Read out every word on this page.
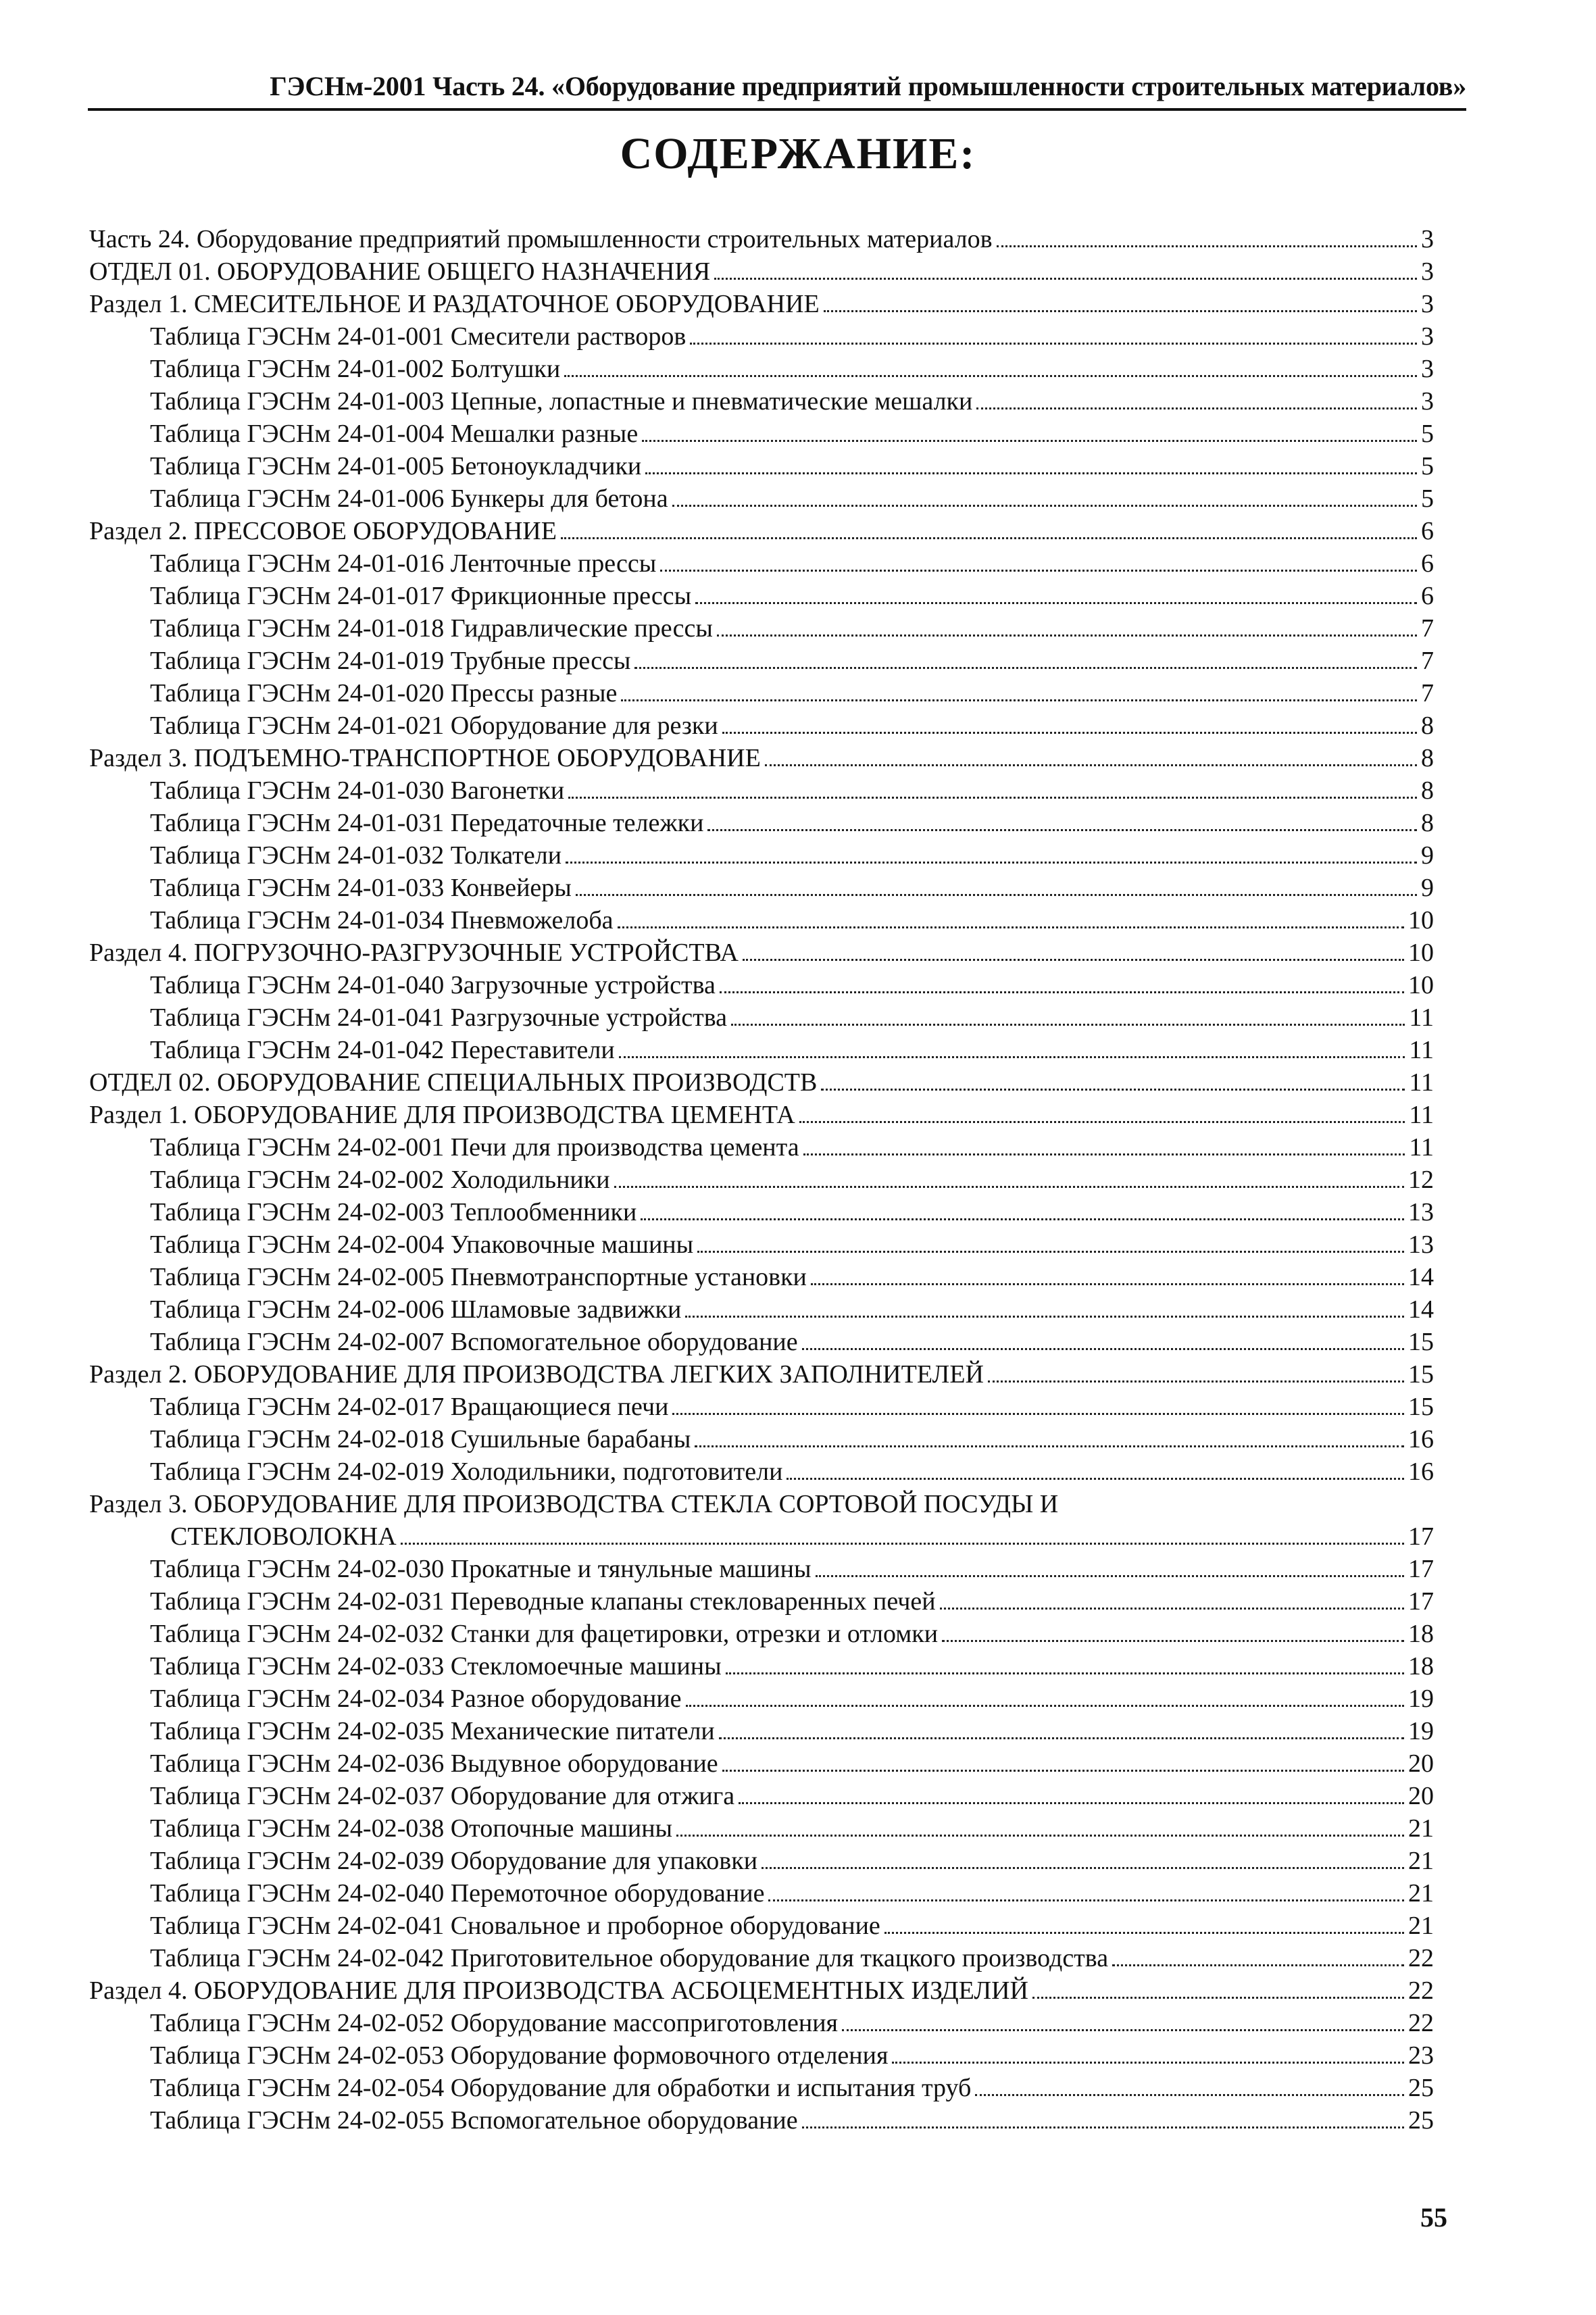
ГЭСНм-2001 Часть 24. «Оборудование предприятий промышленности строительных материалов»
СОДЕРЖАНИЕ:
Часть 24. Оборудование предприятий промышленности строительных материалов	3
ОТДЕЛ 01. ОБОРУДОВАНИЕ ОБЩЕГО НАЗНАЧЕНИЯ	3
Раздел 1. СМЕСИТЕЛЬНОЕ И РАЗДАТОЧНОЕ ОБОРУДОВАНИЕ	3
Таблица ГЭСНм 24-01-001 Смесители растворов	3
Таблица ГЭСНм 24-01-002 Болтушки	3
Таблица ГЭСНм 24-01-003 Цепные, лопастные и пневматические мешалки	3
Таблица ГЭСНм 24-01-004 Мешалки разные	5
Таблица ГЭСНм 24-01-005 Бетоноукладчики	5
Таблица ГЭСНм 24-01-006 Бункеры для бетона	5
Раздел 2. ПРЕССОВОЕ ОБОРУДОВАНИЕ	6
Таблица ГЭСНм 24-01-016 Ленточные прессы	6
Таблица ГЭСНм 24-01-017 Фрикционные прессы	6
Таблица ГЭСНм 24-01-018 Гидравлические прессы	7
Таблица ГЭСНм 24-01-019 Трубные прессы	7
Таблица ГЭСНм 24-01-020 Прессы разные	7
Таблица ГЭСНм 24-01-021 Оборудование для резки	8
Раздел 3. ПОДЪЕМНО-ТРАНСПОРТНОЕ ОБОРУДОВАНИЕ	8
Таблица ГЭСНм 24-01-030 Вагонетки	8
Таблица ГЭСНм 24-01-031 Передаточные тележки	8
Таблица ГЭСНм 24-01-032 Толкатели	9
Таблица ГЭСНм 24-01-033 Конвейеры	9
Таблица ГЭСНм 24-01-034 Пневможелоба	10
Раздел 4. ПОГРУЗОЧНО-РАЗГРУЗОЧНЫЕ УСТРОЙСТВА	10
Таблица ГЭСНм 24-01-040 Загрузочные устройства	10
Таблица ГЭСНм 24-01-041 Разгрузочные устройства	11
Таблица ГЭСНм 24-01-042 Переставители	11
ОТДЕЛ 02. ОБОРУДОВАНИЕ СПЕЦИАЛЬНЫХ ПРОИЗВОДСТВ	11
Раздел 1. ОБОРУДОВАНИЕ ДЛЯ ПРОИЗВОДСТВА ЦЕМЕНТА	11
Таблица ГЭСНм 24-02-001 Печи для производства цемента	11
Таблица ГЭСНм 24-02-002 Холодильники	12
Таблица ГЭСНм 24-02-003 Теплообменники	13
Таблица ГЭСНм 24-02-004 Упаковочные машины	13
Таблица ГЭСНм 24-02-005 Пневмотранспортные установки	14
Таблица ГЭСНм 24-02-006 Шламовые задвижки	14
Таблица ГЭСНм 24-02-007 Вспомогательное оборудование	15
Раздел 2. ОБОРУДОВАНИЕ ДЛЯ ПРОИЗВОДСТВА ЛЕГКИХ ЗАПОЛНИТЕЛЕЙ	15
Таблица ГЭСНм 24-02-017 Вращающиеся печи	15
Таблица ГЭСНм 24-02-018 Сушильные барабаны	16
Таблица ГЭСНм 24-02-019 Холодильники, подготовители	16
Раздел 3. ОБОРУДОВАНИЕ ДЛЯ ПРОИЗВОДСТВА СТЕКЛА СОРТОВОЙ ПОСУДЫ И
СТЕКЛОВОЛОКНА	17
Таблица ГЭСНм 24-02-030 Прокатные и тянульные машины	17
Таблица ГЭСНм 24-02-031 Переводные клапаны стекловаренных печей	17
Таблица ГЭСНм 24-02-032 Станки для фацетировки, отрезки и отломки	18
Таблица ГЭСНм 24-02-033 Стекломоечные машины	18
Таблица ГЭСНм 24-02-034 Разное оборудование	19
Таблица ГЭСНм 24-02-035 Механические питатели	19
Таблица ГЭСНм 24-02-036 Выдувное оборудование	20
Таблица ГЭСНм 24-02-037 Оборудование для отжига	20
Таблица ГЭСНм 24-02-038 Отопочные машины	21
Таблица ГЭСНм 24-02-039 Оборудование для упаковки	21
Таблица ГЭСНм 24-02-040 Перемоточное оборудование	21
Таблица ГЭСНм 24-02-041 Сновальное и проборное оборудование	21
Таблица ГЭСНм 24-02-042 Приготовительное оборудование для ткацкого производства	22
Раздел 4. ОБОРУДОВАНИЕ ДЛЯ ПРОИЗВОДСТВА АСБОЦЕМЕНТНЫХ ИЗДЕЛИЙ	22
Таблица ГЭСНм 24-02-052 Оборудование массоприготовления	22
Таблица ГЭСНм 24-02-053 Оборудование формовочного отделения	23
Таблица ГЭСНм 24-02-054 Оборудование для обработки и испытания труб	25
Таблица ГЭСНм 24-02-055 Вспомогательное оборудование	25
55
